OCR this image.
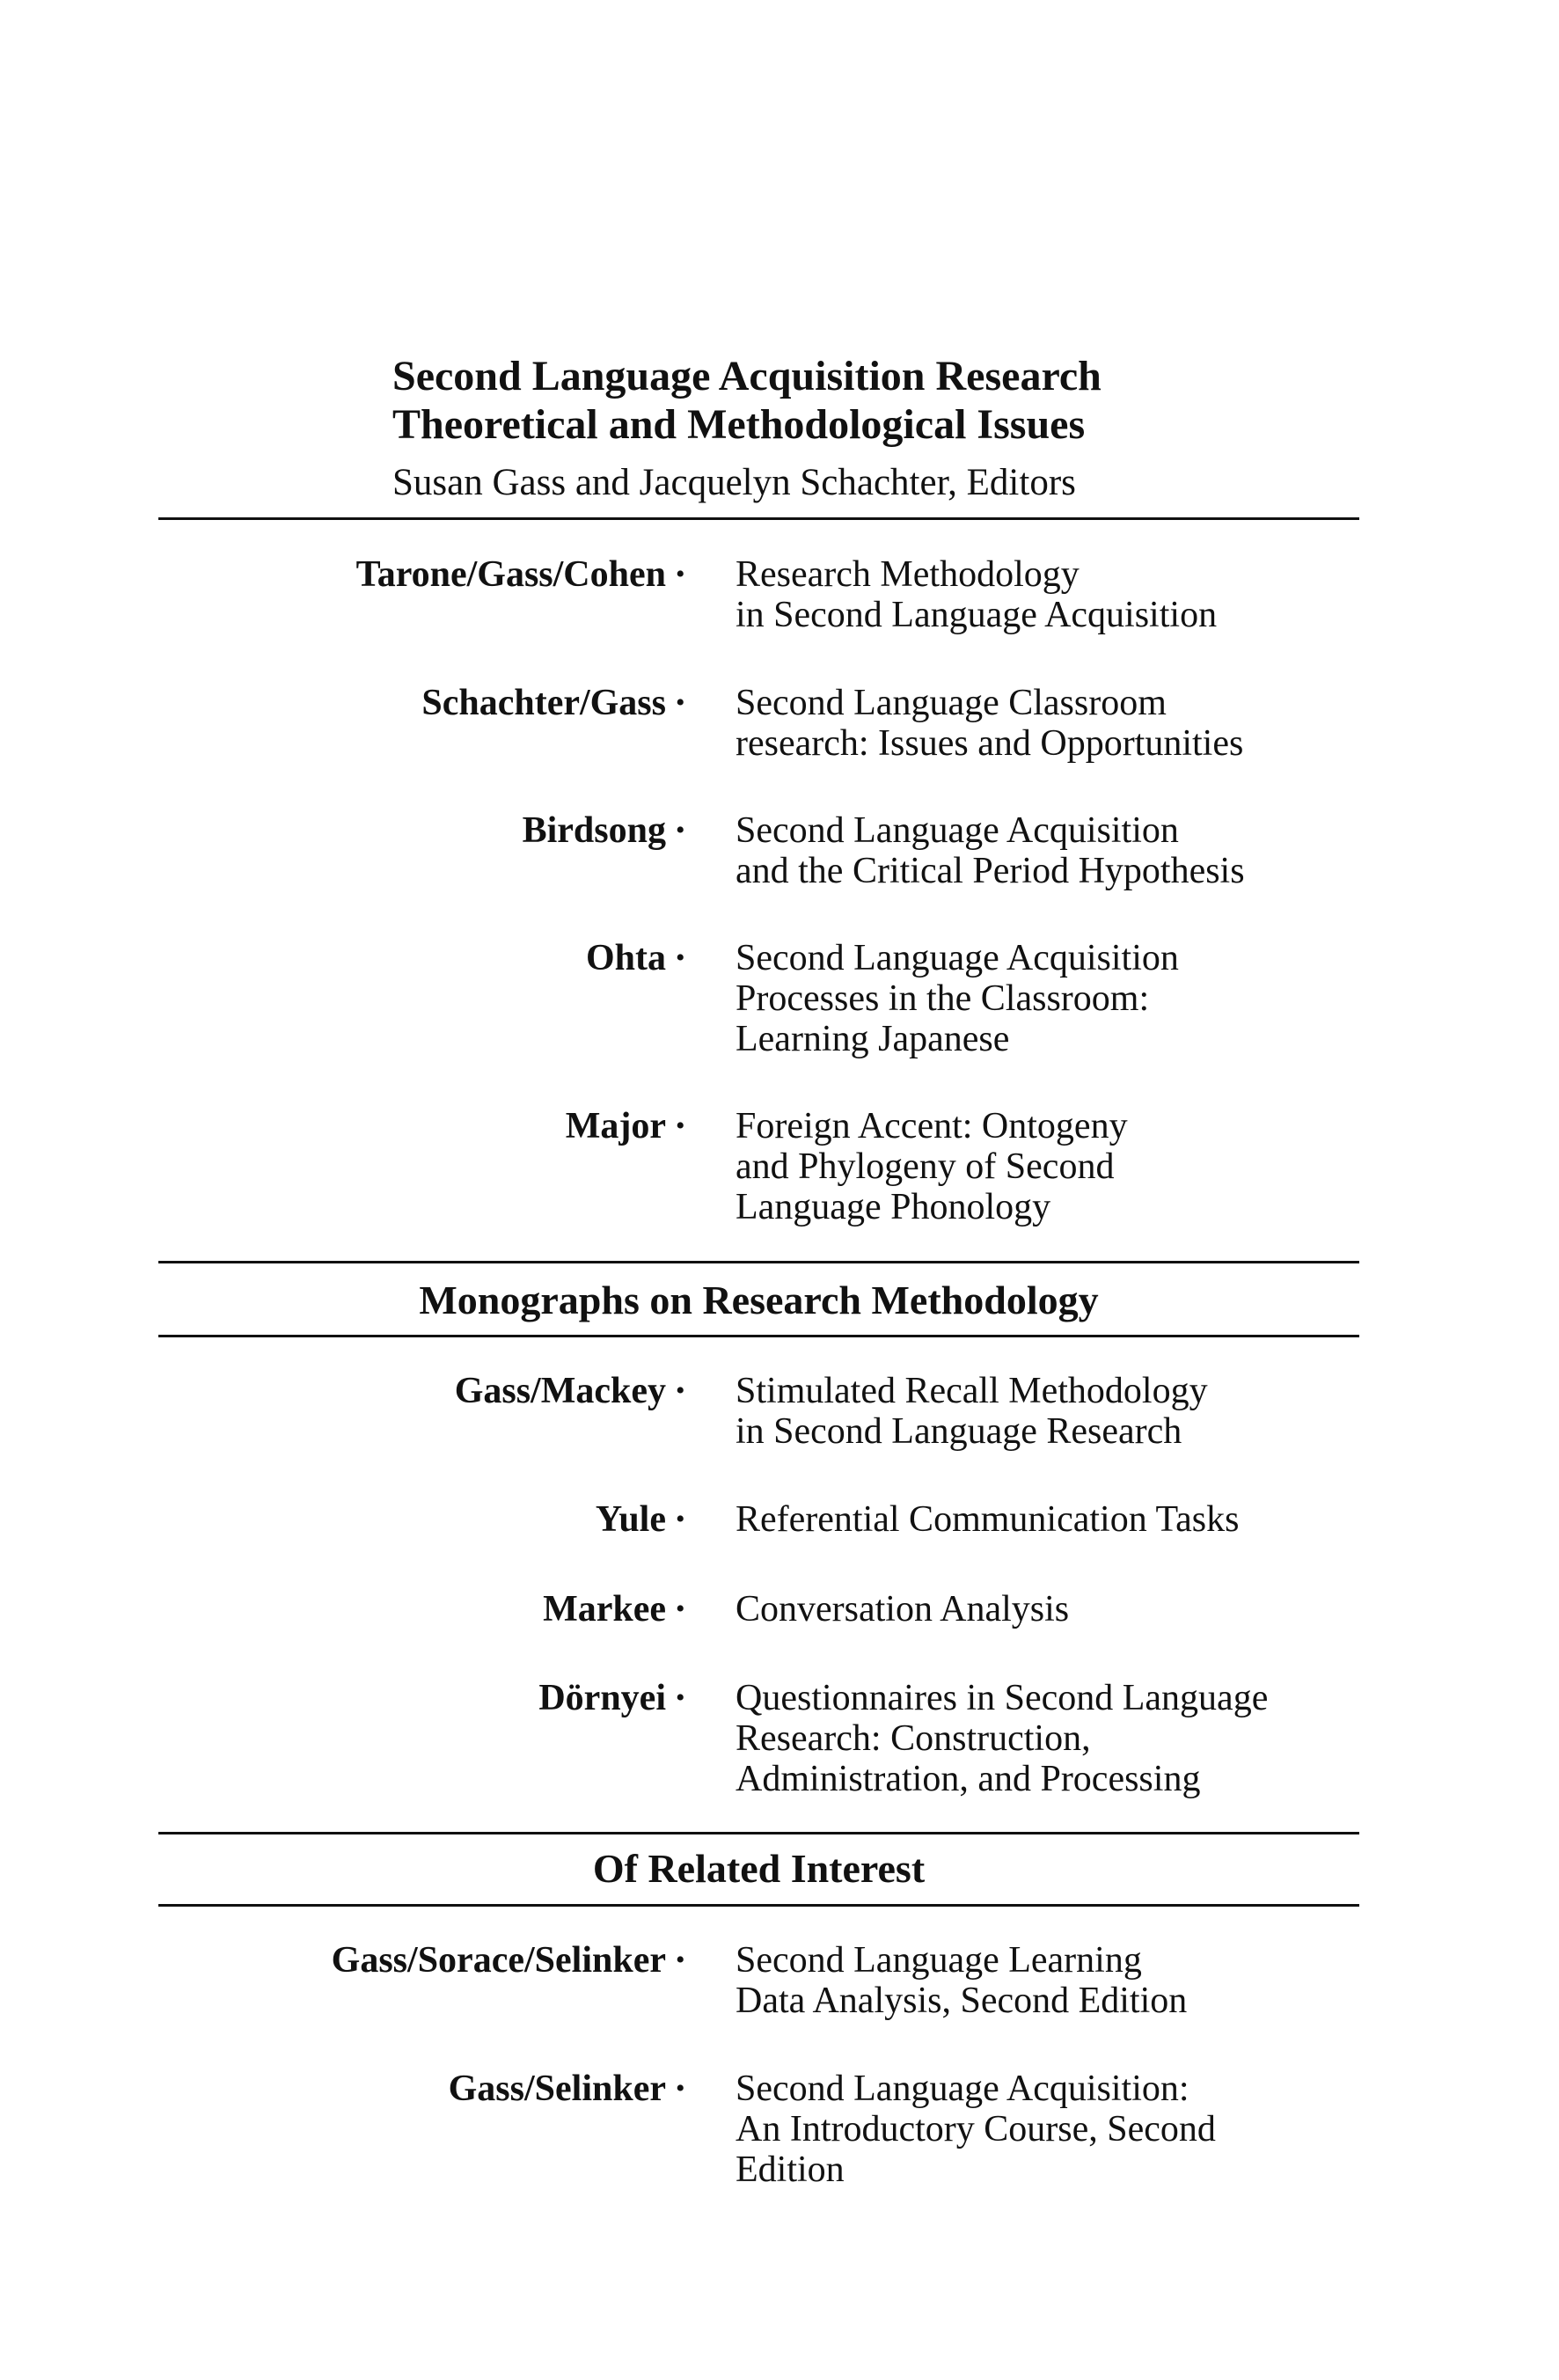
Second Language Acquisition Research
Theoretical and Methodological Issues
Susan Gass and Jacquelyn Schachter, Editors
Tarone/Gass/Cohen • Research Methodology
in Second Language Acquisition
Schachter/Gass • Second Language Classroom
research: Issues and Opportunities
Birdsong • Second Language Acquisition
and the Critical Period Hypothesis
Ohta • Second Language Acquisition
Processes in the Classroom:
Learning Japanese
Major • Foreign Accent: Ontogeny
and Phylogeny of Second
Language Phonology
Monographs on Research Methodology
Gass/Mackey • Stimulated Recall Methodology
in Second Language Research
Yule • Referential Communication Tasks
Markee • Conversation Analysis
Dörnyei • Questionnaires in Second Language
Research: Construction,
Administration, and Processing
Of Related Interest
Gass/Sorace/Selinker • Second Language Learning
Data Analysis, Second Edition
Gass/Selinker • Second Language Acquisition:
An Introductory Course, Second
Edition
